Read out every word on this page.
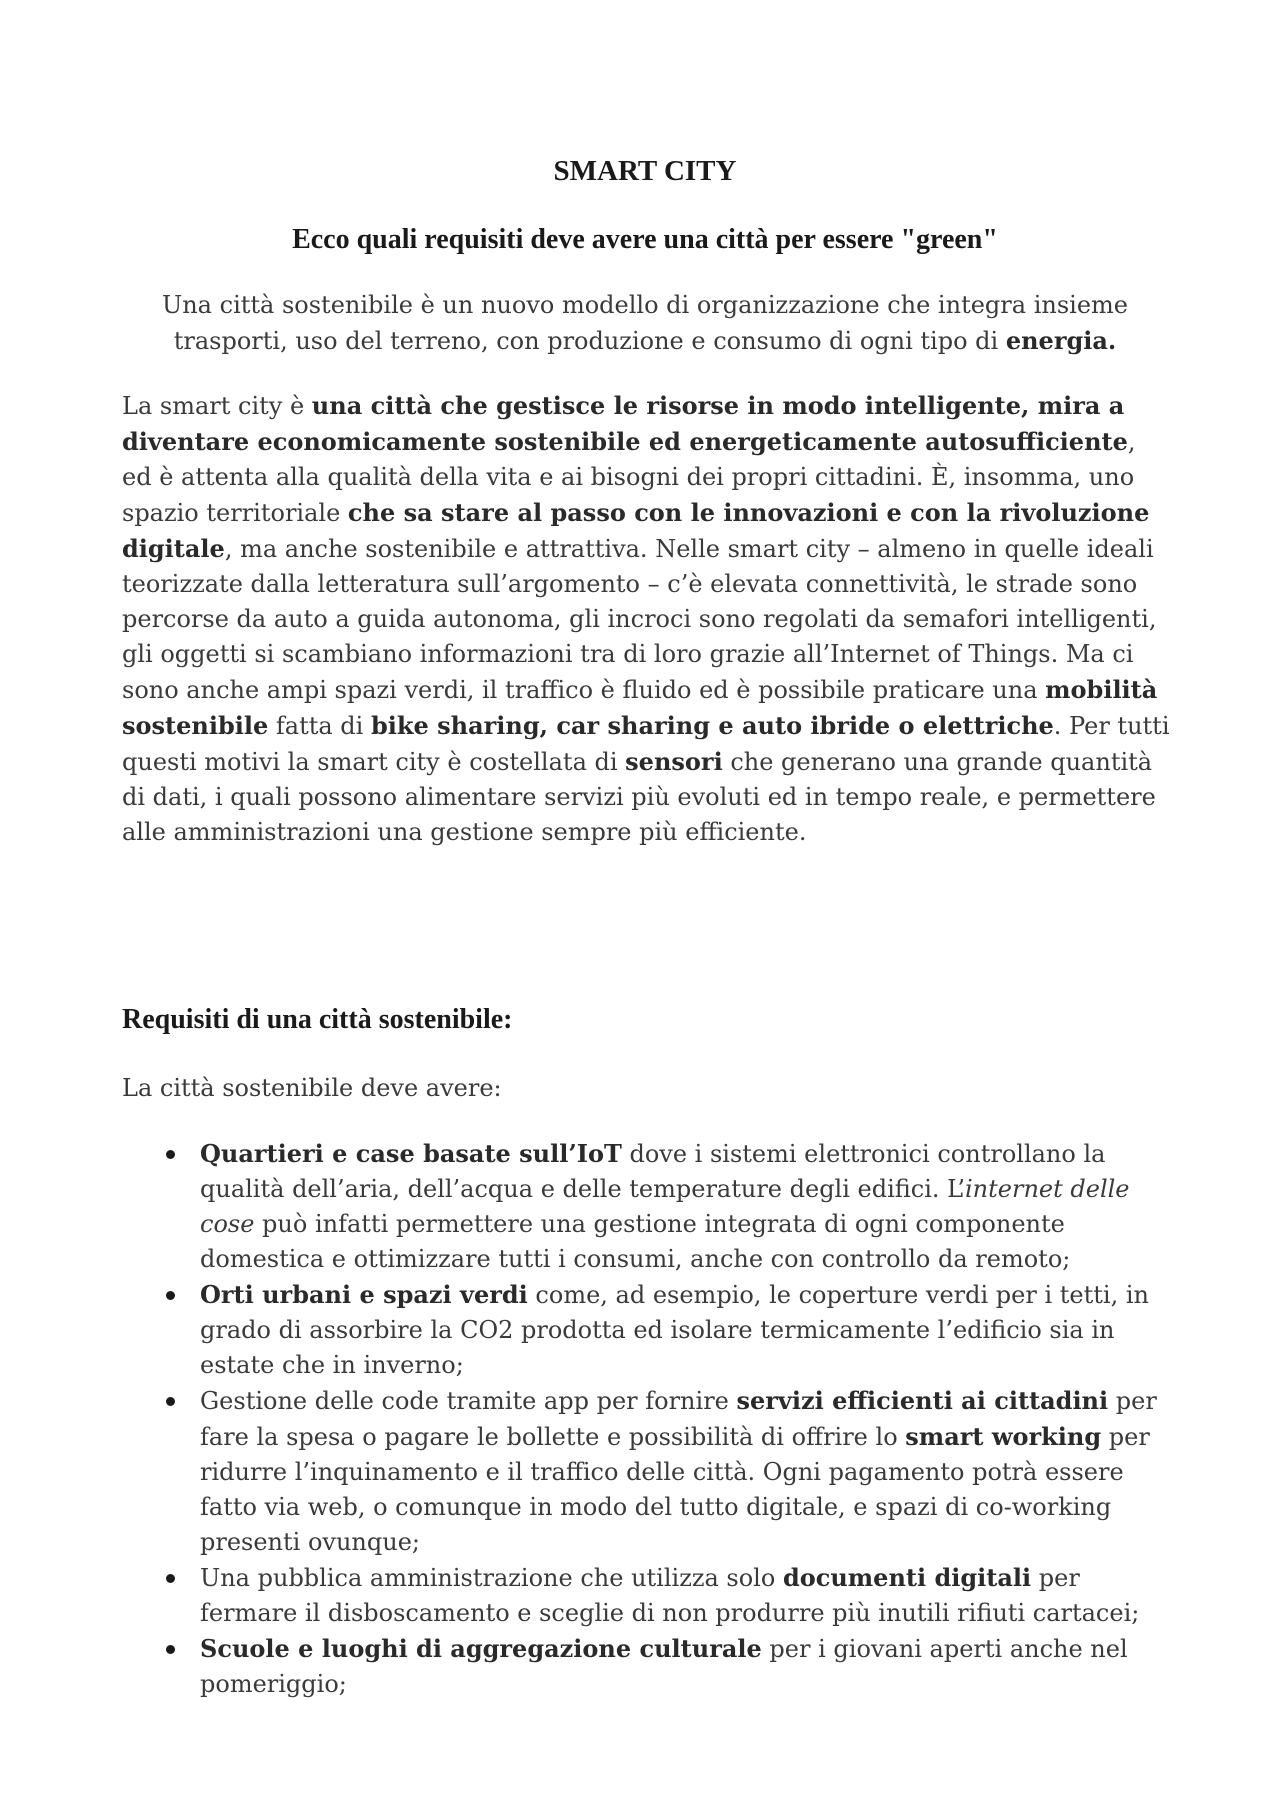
SMART CITY
Ecco quali requisiti deve avere una città per essere "green"

Una città sostenibile è un nuovo modello di organizzazione che integra insieme trasporti, uso del terreno, con produzione e consumo di ogni tipo di energia.

La smart city è una città che gestisce le risorse in modo intelligente, mira a diventare economicamente sostenibile ed energeticamente autosufficiente, ed è attenta alla qualità della vita e ai bisogni dei propri cittadini. È, insomma, uno spazio territoriale che sa stare al passo con le innovazioni e con la rivoluzione digitale, ma anche sostenibile e attrattiva. Nelle smart city – almeno in quelle ideali teorizzate dalla letteratura sull’argomento – c’è elevata connettività, le strade sono percorse da auto a guida autonoma, gli incroci sono regolati da semafori intelligenti, gli oggetti si scambiano informazioni tra di loro grazie all’Internet of Things. Ma ci sono anche ampi spazi verdi, il traffico è fluido ed è possibile praticare una mobilità sostenibile fatta di bike sharing, car sharing e auto ibride o elettriche. Per tutti questi motivi la smart city è costellata di sensori che generano una grande quantità di dati, i quali possono alimentare servizi più evoluti ed in tempo reale, e permettere alle amministrazioni una gestione sempre più efficiente.

Requisiti di una città sostenibile:

La città sostenibile deve avere:

Quartieri e case basate sull’IoT dove i sistemi elettronici controllano la qualità dell’aria, dell’acqua e delle temperature degli edifici. L’internet delle cose può infatti permettere una gestione integrata di ogni componente domestica e ottimizzare tutti i consumi, anche con controllo da remoto;
Orti urbani e spazi verdi come, ad esempio, le coperture verdi per i tetti, in grado di assorbire la CO2 prodotta ed isolare termicamente l’edificio sia in estate che in inverno;
Gestione delle code tramite app per fornire servizi efficienti ai cittadini per fare la spesa o pagare le bollette e possibilità di offrire lo smart working per ridurre l’inquinamento e il traffico delle città. Ogni pagamento potrà essere fatto via web, o comunque in modo del tutto digitale, e spazi di co-working presenti ovunque;
Una pubblica amministrazione che utilizza solo documenti digitali per fermare il disboscamento e sceglie di non produrre più inutili rifiuti cartacei;
Scuole e luoghi di aggregazione culturale per i giovani aperti anche nel pomeriggio;
